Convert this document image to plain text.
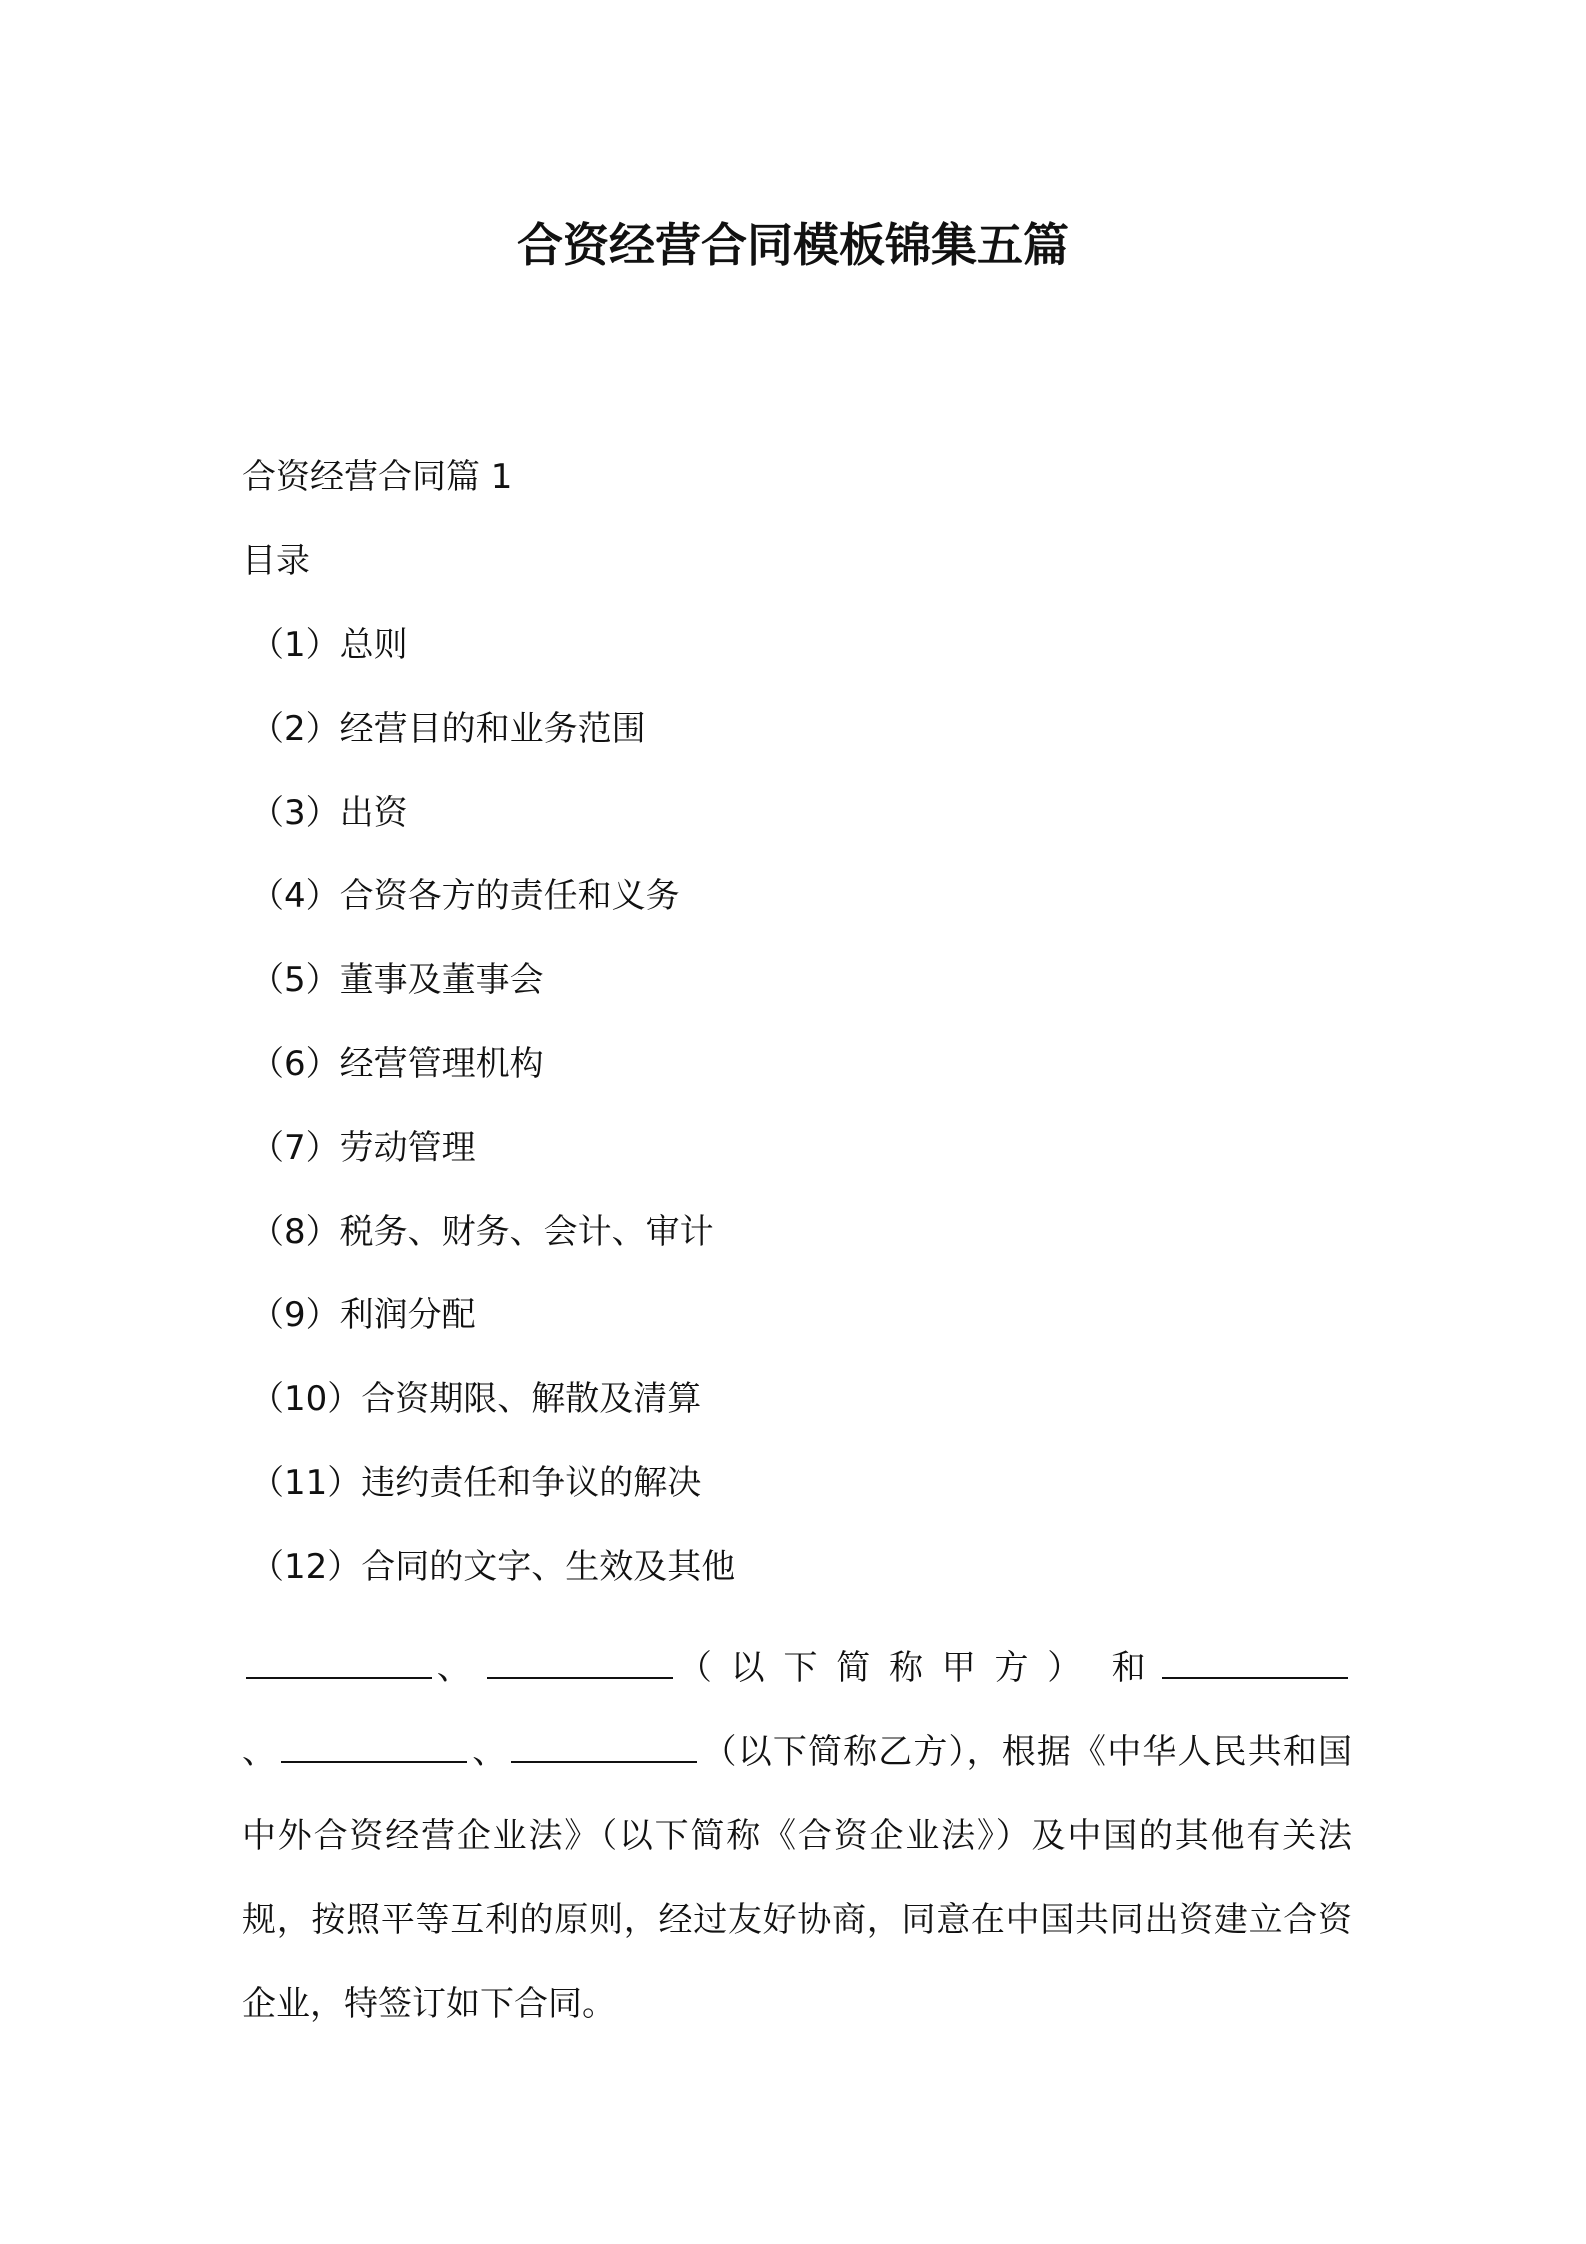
合资经营合同模板锦集五篇
合资经营合同篇 1
目录
（1）总则
（2）经营目的和业务范围
（3）出资
（4）合资各方的责任和义务
（5）董事及董事会
（6）经营管理机构
（7）劳动管理
（8）税务、财务、会计、审计
（9）利润分配
（10）合资期限、解散及清算
（11）违约责任和争议的解决
（12）合同的文字、生效及其他
、	（以下简称甲方） 和 、	、	（以下简称乙方），根据《中华人民共和国中外合资经营企业法》（以下简称《合资企业法》）及中国的其他有关法规，按照平等互利的原则，经过友好协商，同意在中国共同出资建立合资企业，特签订如下合同。
